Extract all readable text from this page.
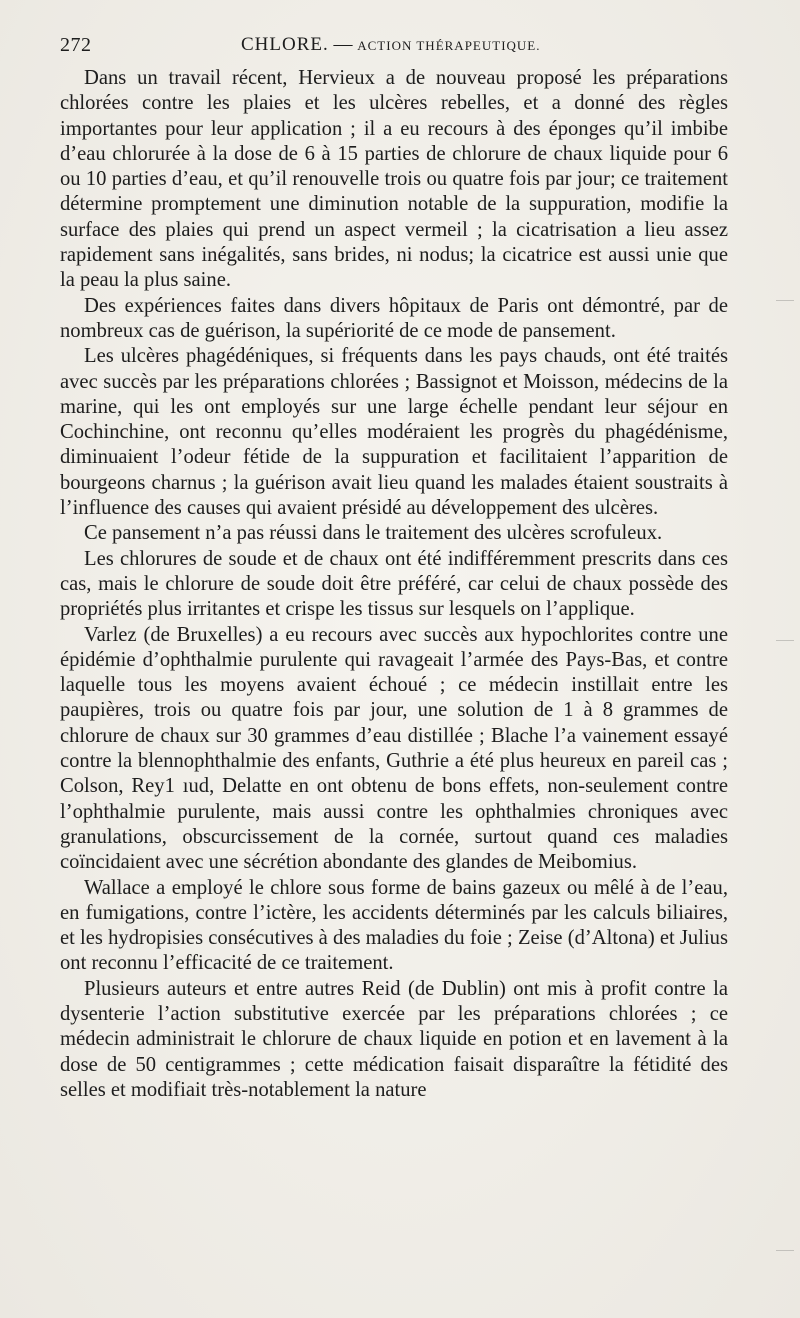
272	CHLORE. — ACTION THÉRAPEUTIQUE.

Dans un travail récent, Hervieux a de nouveau proposé les préparations chlorées contre les plaies et les ulcères rebelles, et a donné des règles importantes pour leur application ; il a eu recours à des éponges qu’il imbibe d’eau chlorurée à la dose de 6 à 15 parties de chlorure de chaux liquide pour 6 ou 10 parties d’eau, et qu’il renouvelle trois ou quatre fois par jour; ce traitement détermine promptement une diminution notable de la suppuration, modifie la surface des plaies qui prend un aspect vermeil ; la cicatrisation a lieu assez rapidement sans inégalités, sans brides, ni nodus; la cicatrice est aussi unie que la peau la plus saine.

Des expériences faites dans divers hôpitaux de Paris ont démontré, par de nombreux cas de guérison, la supériorité de ce mode de pansement.

Les ulcères phagédéniques, si fréquents dans les pays chauds, ont été traités avec succès par les préparations chlorées ; Bassignot et Moisson, médecins de la marine, qui les ont employés sur une large échelle pendant leur séjour en Cochinchine, ont reconnu qu’elles modéraient les progrès du phagédénisme, diminuaient l’odeur fétide de la suppuration et facilitaient l’apparition de bourgeons charnus ; la guérison avait lieu quand les malades étaient soustraits à l’influence des causes qui avaient présidé au développement des ulcères.

Ce pansement n’a pas réussi dans le traitement des ulcères scrofuleux.

Les chlorures de soude et de chaux ont été indifféremment prescrits dans ces cas, mais le chlorure de soude doit être préféré, car celui de chaux possède des propriétés plus irritantes et crispe les tissus sur lesquels on l’applique.

Varlez (de Bruxelles) a eu recours avec succès aux hypochlorites contre une épidémie d’ophthalmie purulente qui ravageait l’armée des Pays-Bas, et contre laquelle tous les moyens avaient échoué ; ce médecin instillait entre les paupières, trois ou quatre fois par jour, une solution de 1 à 8 grammes de chlorure de chaux sur 30 grammes d’eau distillée ; Blache l’a vainement essayé contre la blennophthalmie des enfants, Guthrie a été plus heureux en pareil cas ; Colson, Rey1 ıud, Delatte en ont obtenu de bons effets, non-seulement contre l’ophthalmie purulente, mais aussi contre les ophthalmies chroniques avec granulations, obscurcissement de la cornée, surtout quand ces maladies coïncidaient avec une sécrétion abondante des glandes de Meibomius.

Wallace a employé le chlore sous forme de bains gazeux ou mêlé à de l’eau, en fumigations, contre l’ictère, les accidents déterminés par les calculs biliaires, et les hydropisies consécutives à des maladies du foie ; Zeise (d’Altona) et Julius ont reconnu l’efficacité de ce traitement.

Plusieurs auteurs et entre autres Reid (de Dublin) ont mis à profit contre la dysenterie l’action substitutive exercée par les préparations chlorées ; ce médecin administrait le chlorure de chaux liquide en potion et en lavement à la dose de 50 centigrammes ; cette médication faisait disparaître la fétidité des selles et modifiait très-notablement la nature
